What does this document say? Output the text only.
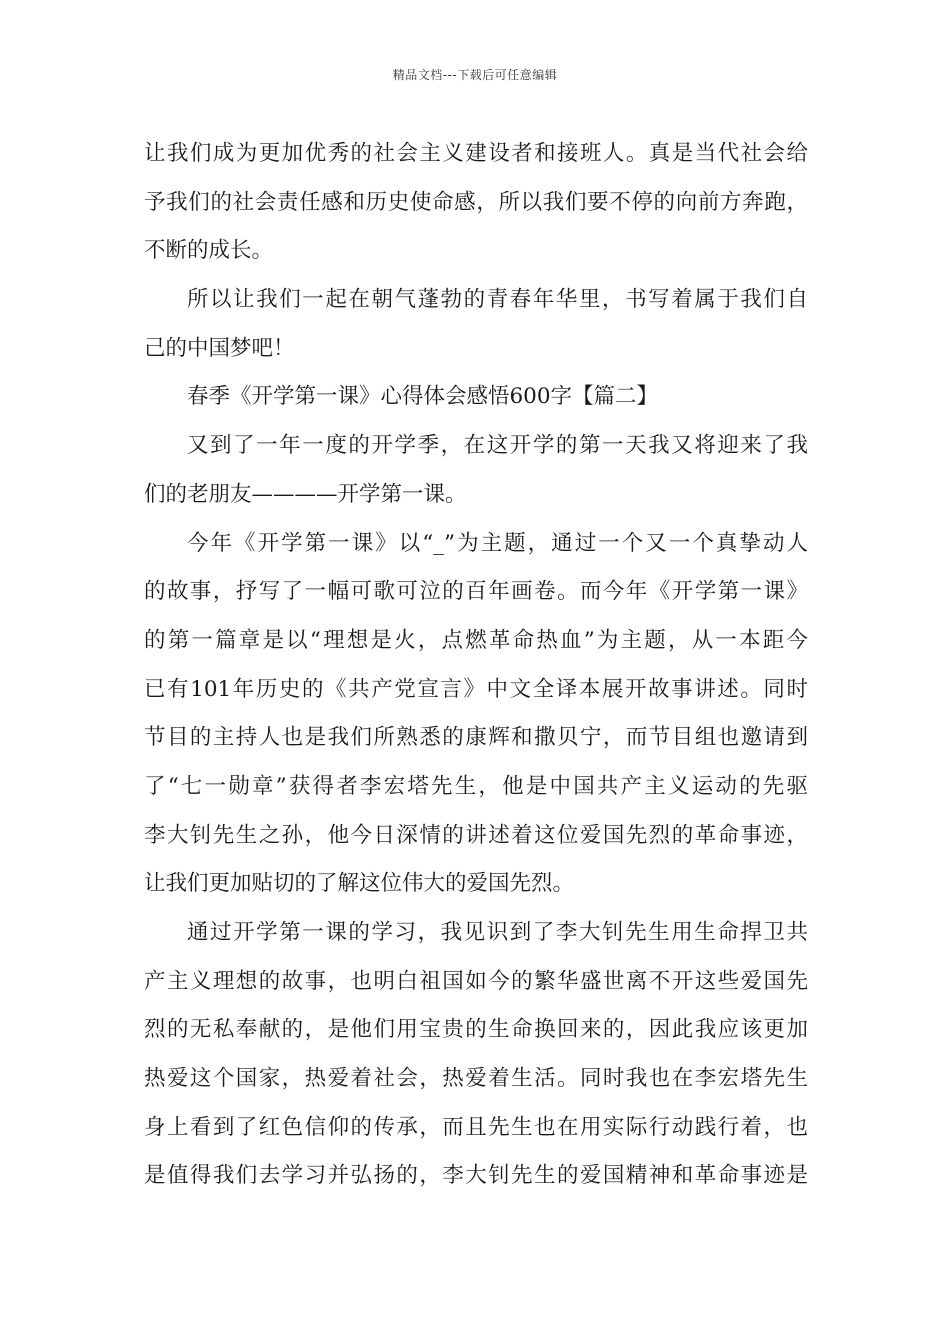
精品文档---下载后可任意编辑
让我们成为更加优秀的社会主义建设者和接班人。真是当代社会给
予我们的社会责任感和历史使命感，所以我们要不停的向前方奔跑，
不断的成长。
所以让我们一起在朝气蓬勃的青春年华里，书写着属于我们自
己的中国梦吧！
春季《开学第一课》心得体会感悟600字【篇二】
又到了一年一度的开学季，在这开学的第一天我又将迎来了我
们的老朋友————开学第一课。
今年《开学第一课》以“_”为主题，通过一个又一个真挚动人
的故事，抒写了一幅可歌可泣的百年画卷。而今年《开学第一课》
的第一篇章是以“理想是火，点燃革命热血”为主题，从一本距今
已有101年历史的《共产党宣言》中文全译本展开故事讲述。同时
节目的主持人也是我们所熟悉的康辉和撒贝宁，而节目组也邀请到
了“七一勋章”获得者李宏塔先生，他是中国共产主义运动的先驱
李大钊先生之孙，他今日深情的讲述着这位爱国先烈的革命事迹，
让我们更加贴切的了解这位伟大的爱国先烈。
通过开学第一课的学习，我见识到了李大钊先生用生命捍卫共
产主义理想的故事，也明白祖国如今的繁华盛世离不开这些爱国先
烈的无私奉献的，是他们用宝贵的生命换回来的，因此我应该更加
热爱这个国家，热爱着社会，热爱着生活。同时我也在李宏塔先生
身上看到了红色信仰的传承，而且先生也在用实际行动践行着，也
是值得我们去学习并弘扬的，李大钊先生的爱国精神和革命事迹是
